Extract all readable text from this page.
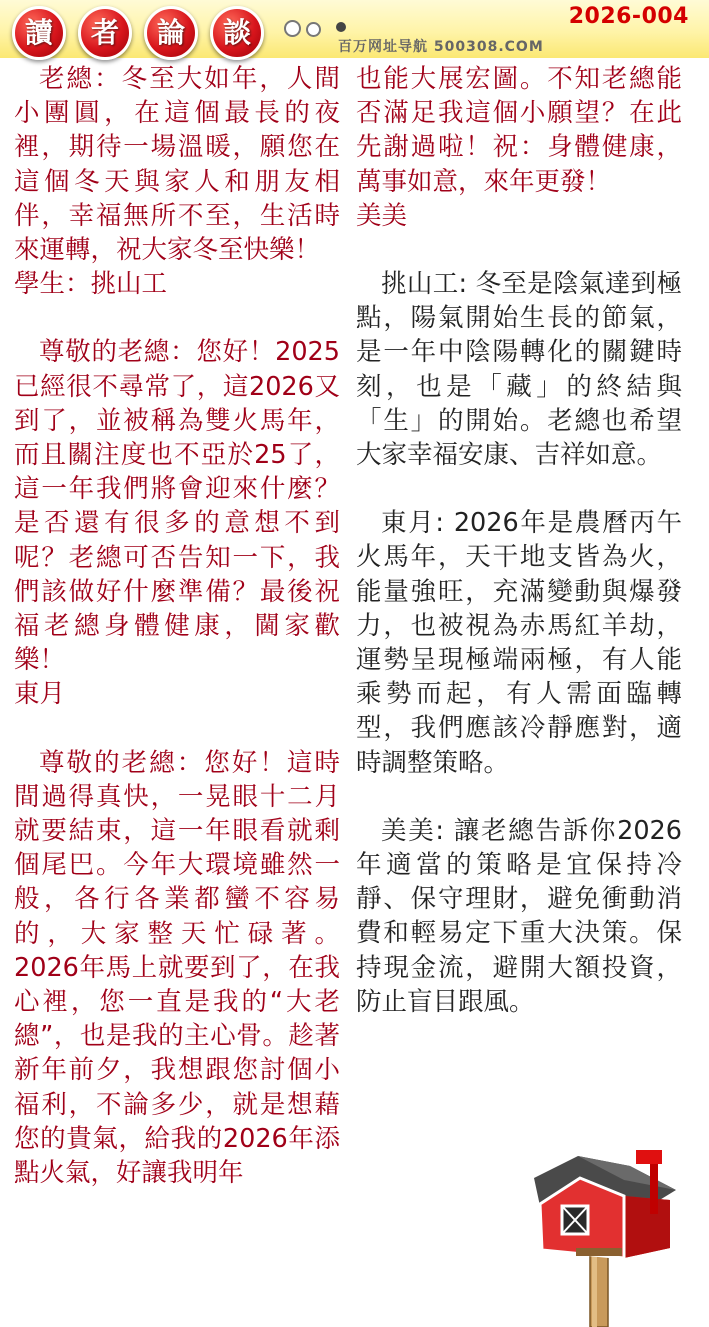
讀	者	論	談	2026-004
百万网址导航 500308.COM

老總：冬至大如年，人間小團圓，在這個最長的夜裡，期待一場溫暖，願您在這個冬天與家人和朋友相伴，幸福無所不至，生活時來運轉，祝大家冬至快樂！

學生：挑山工

尊敬的老總：您好！2025已經很不尋常了，這2026又到了，並被稱為雙火馬年，而且關注度也不亞於25了，這一年我們將會迎來什麼？是否還有很多的意想不到呢？老總可否告知一下，我們該做好什麼準備？最後祝福老總身體健康，閫家歡樂！

東月

尊敬的老總：您好！這時間過得真快，一晃眼十二月就要結束，這一年眼看就剩個尾巴。今年大環境雖然一般，各行各業都蠻不容易的，大家整天忙碌著。 2026年馬上就要到了，在我心裡，您一直是我的“大老總”，也是我的主心骨。趁著新年前夕，我想跟您討個小福利，不論多少，就是想藉您的貴氣，給我的2026年添點火氣，好讓我明年

也能大展宏圖。不知老總能否滿足我這個小願望？在此先謝過啦！祝：身體健康，萬事如意，來年更發！

美美

挑山工: 冬至是陰氣達到極點，陽氣開始生長的節氣，是一年中陰陽轉化的關鍵時刻，也是「藏」的終結與「生」的開始。老總也希望大家幸福安康、吉祥如意。

東月: 2026年是農曆丙午火馬年，天干地支皆為火，能量強旺，充滿變動與爆發力，也被視為赤馬紅羊劫，運勢呈現極端兩極，有人能乘勢而起，有人需面臨轉型，我們應該冷靜應對，適時調整策略。

美美: 讓老總告訴你2026年適當的策略是宜保持冷靜、保守理財，避免衝動消費和輕易定下重大決策。保持現金流，避開大額投資，防止盲目跟風。
